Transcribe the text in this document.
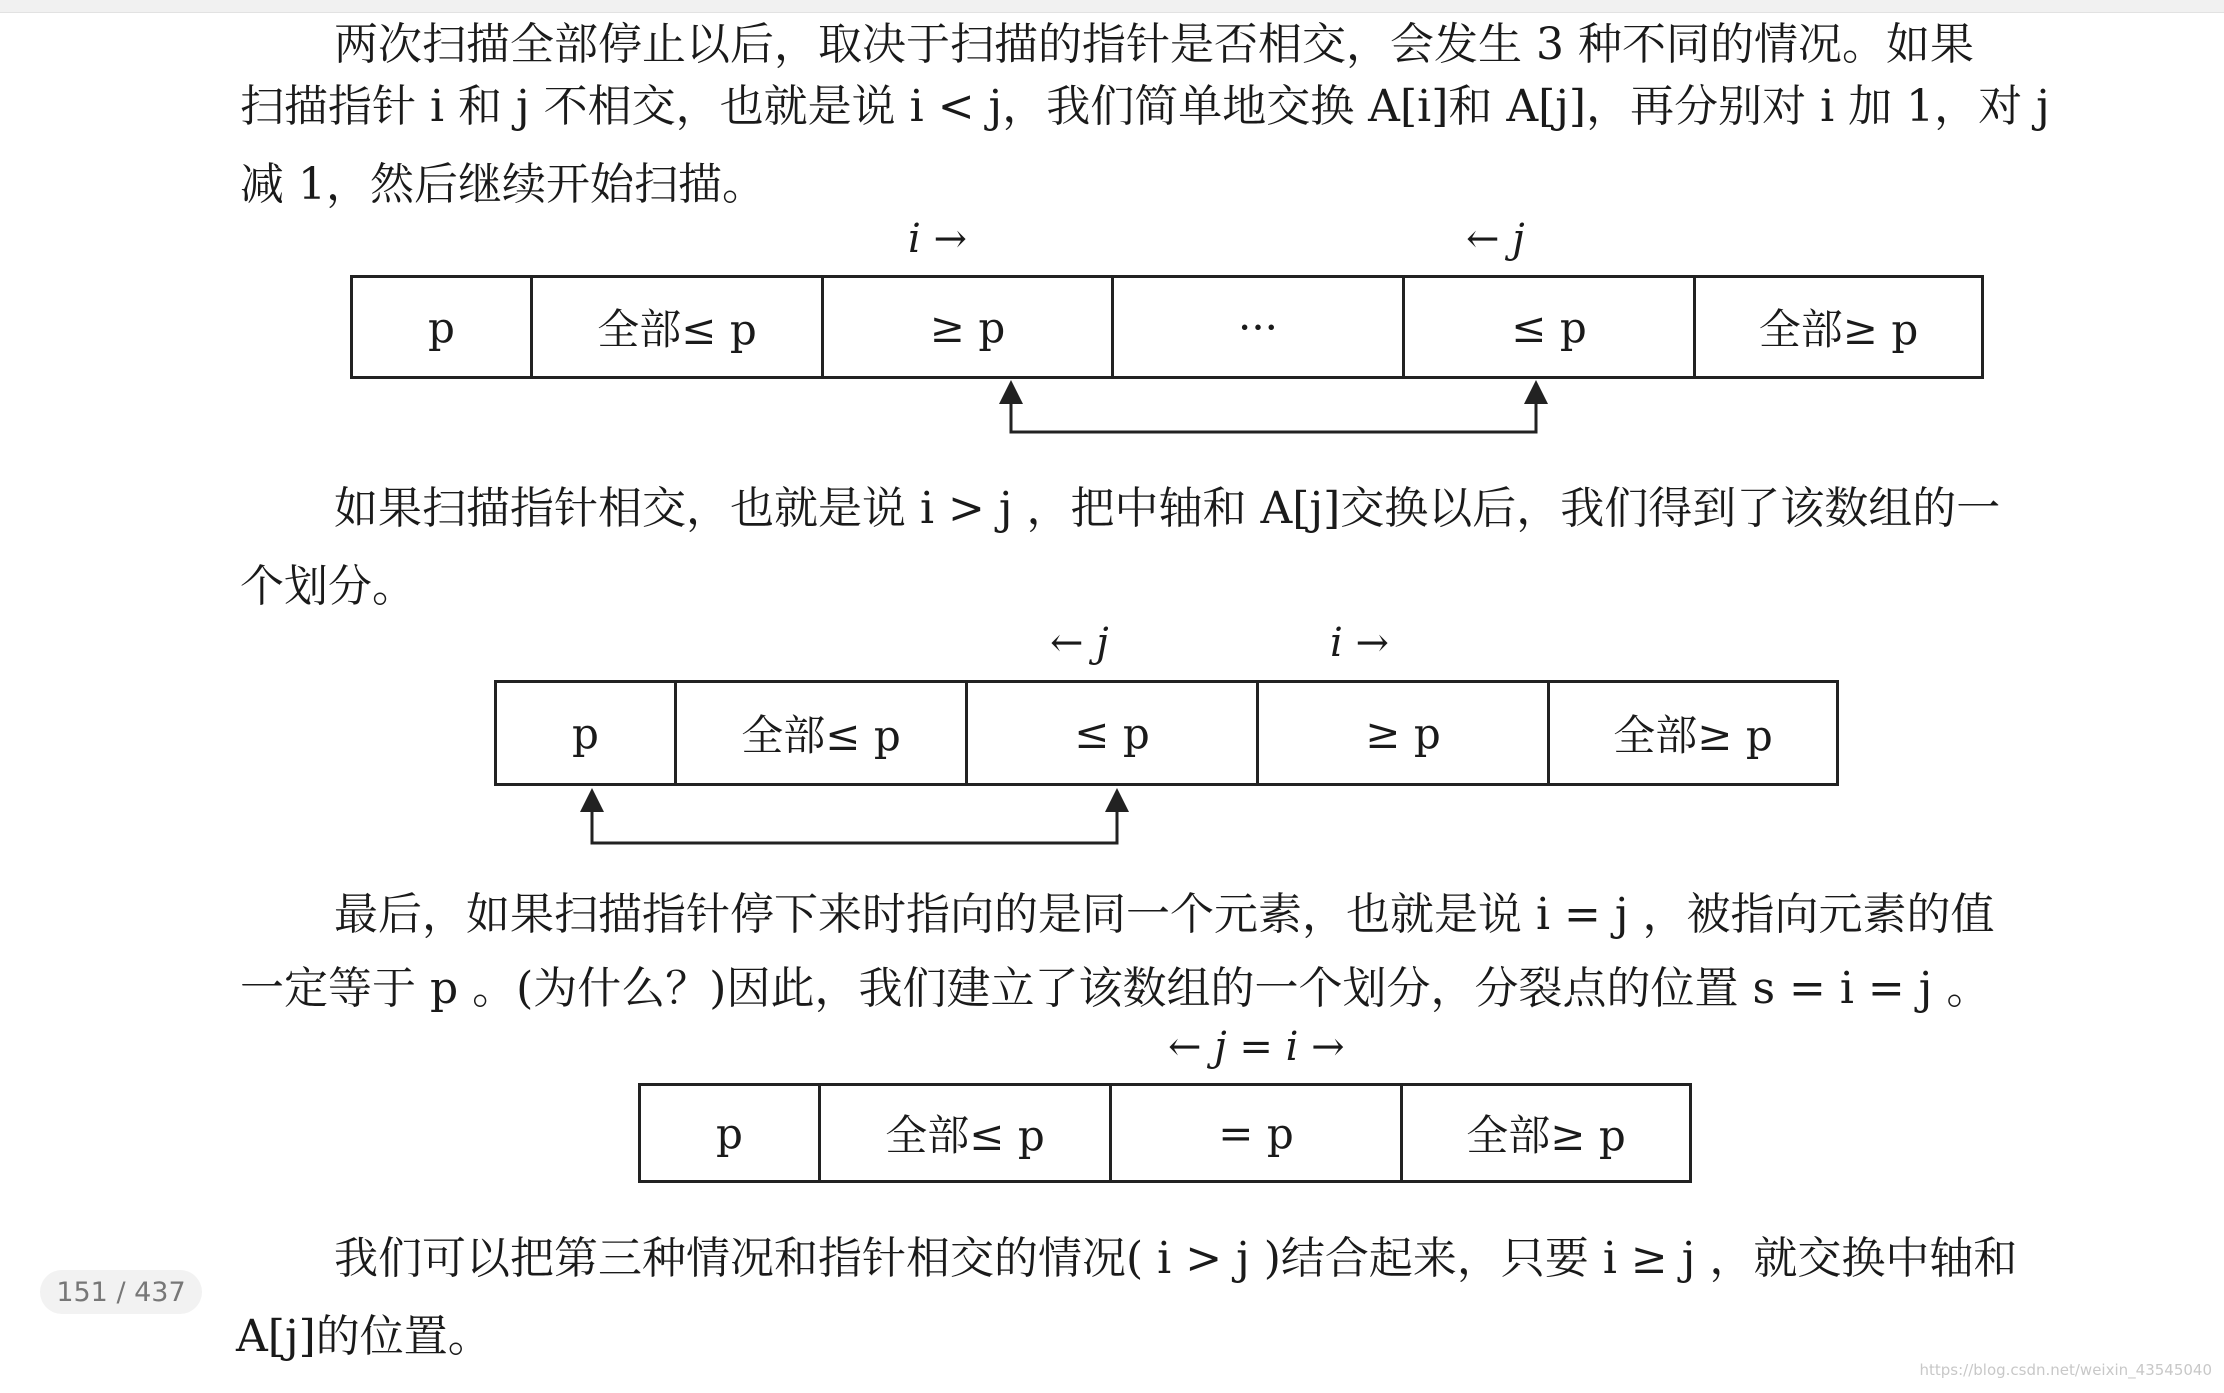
两次扫描全部停止以后，取决于扫描的指针是否相交，会发生 3 种不同的情况。如果
扫描指针 i 和 j 不相交，也就是说 i < j，我们简单地交换 A[i]和 A[j]，再分别对 i 加 1，对 j
减 1，然后继续开始扫描。
i →	← j
p	全部≤ p	≥ p	···	≤ p	全部≥ p
如果扫描指针相交，也就是说 i > j ，把中轴和 A[j]交换以后，我们得到了该数组的一
个划分。
← j	i →
p	全部≤ p	≤ p	≥ p	全部≥ p
最后，如果扫描指针停下来时指向的是同一个元素，也就是说 i = j ，被指向元素的值
一定等于 p 。(为什么？)因此，我们建立了该数组的一个划分，分裂点的位置 s = i = j 。
← j = i →
p	全部≤ p	= p	全部≥ p
我们可以把第三种情况和指针相交的情况( i > j )结合起来，只要 i ≥ j ，就交换中轴和
A[j]的位置。
151 / 437
https://blog.csdn.net/weixin_43545040
